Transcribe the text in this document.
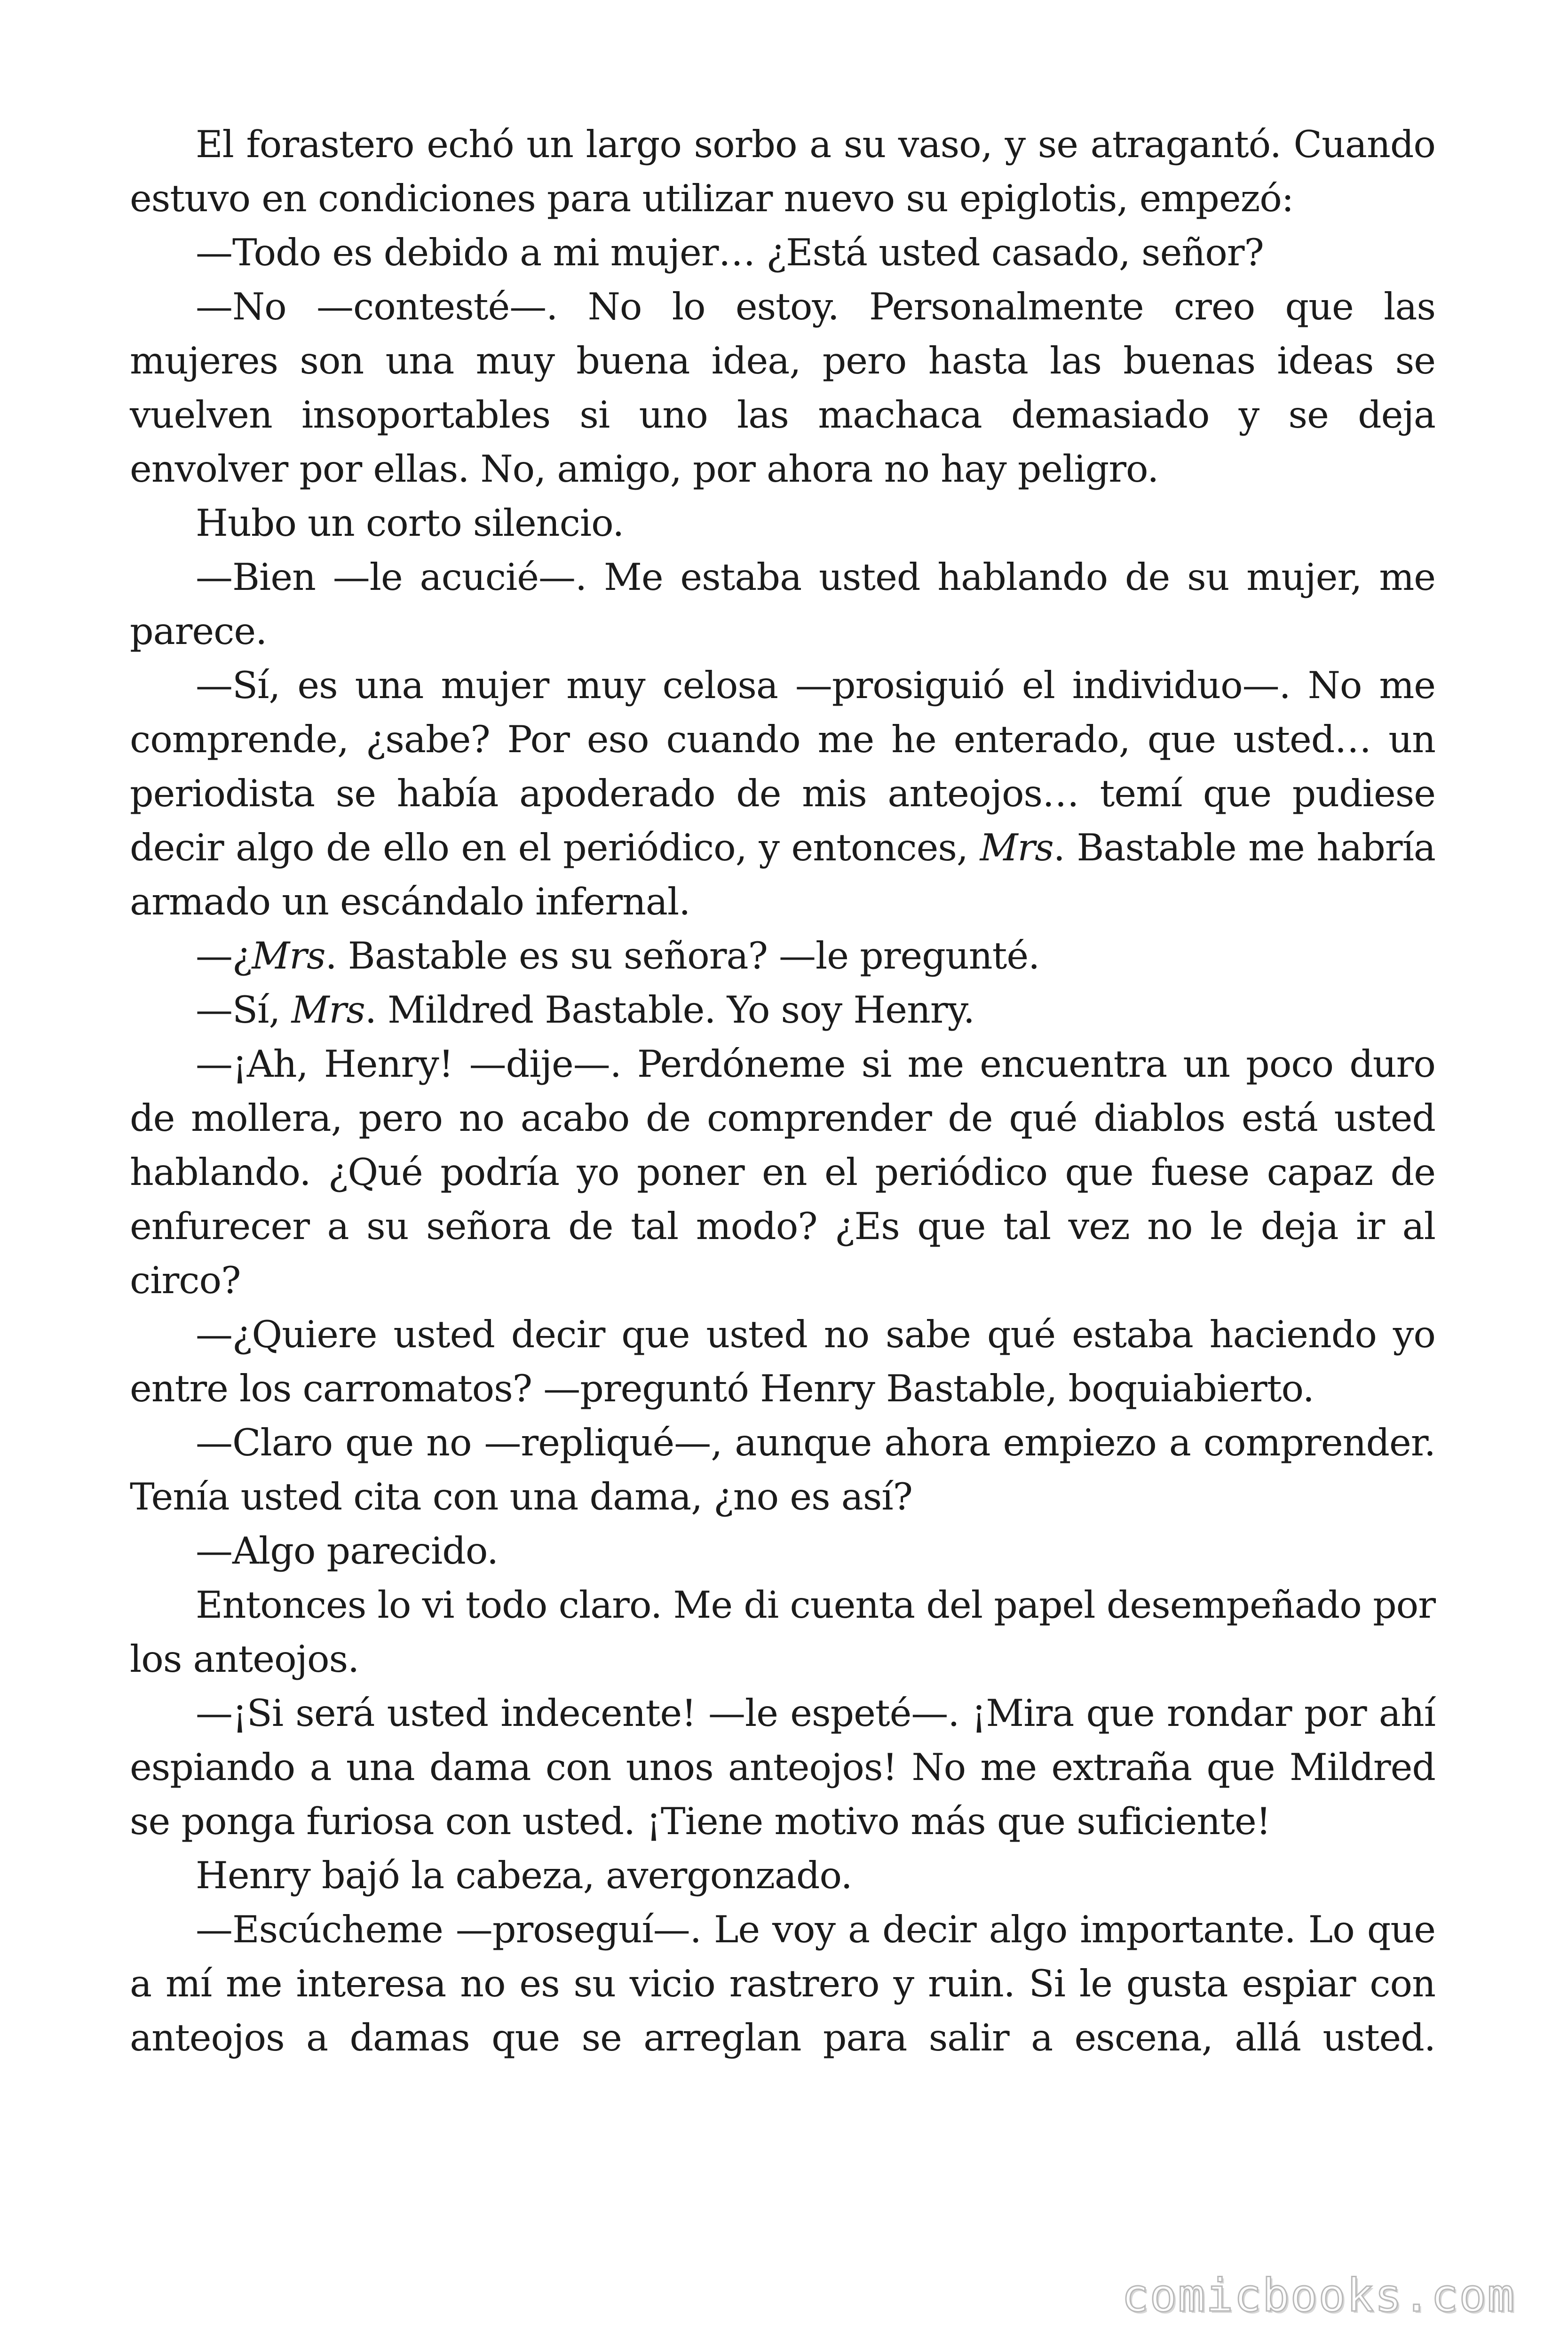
El forastero echó un largo sorbo a su vaso, y se atragantó. Cuando estuvo en condiciones para utilizar nuevo su epiglotis, empezó:

—Todo es debido a mi mujer… ¿Está usted casado, señor?

—No —contesté—. No lo estoy. Personalmente creo que las mujeres son una muy buena idea, pero hasta las buenas ideas se vuelven insoportables si uno las machaca demasiado y se deja envolver por ellas. No, amigo, por ahora no hay peligro.

Hubo un corto silencio.

—Bien —le acucié—. Me estaba usted hablando de su mujer, me parece.

—Sí, es una mujer muy celosa —prosiguió el individuo—. No me comprende, ¿sabe? Por eso cuando me he enterado, que usted… un periodista se había apoderado de mis anteojos… temí que pudiese decir algo de ello en el periódico, y entonces, Mrs. Bastable me habría armado un escándalo infernal.

—¿Mrs. Bastable es su señora? —le pregunté.

—Sí, Mrs. Mildred Bastable. Yo soy Henry.

—¡Ah, Henry! —dije—. Perdóneme si me encuentra un poco duro de mollera, pero no acabo de comprender de qué diablos está usted hablando. ¿Qué podría yo poner en el periódico que fuese capaz de enfurecer a su señora de tal modo? ¿Es que tal vez no le deja ir al circo?

—¿Quiere usted decir que usted no sabe qué estaba haciendo yo entre los carromatos? —preguntó Henry Bastable, boquiabierto.

—Claro que no —repliqué—, aunque ahora empiezo a comprender. Tenía usted cita con una dama, ¿no es así?

—Algo parecido.

Entonces lo vi todo claro. Me di cuenta del papel desempeñado por los anteojos.

—¡Si será usted indecente! —le espeté—. ¡Mira que rondar por ahí espiando a una dama con unos anteojos! No me extraña que Mildred se ponga furiosa con usted. ¡Tiene motivo más que suficiente!

Henry bajó la cabeza, avergonzado.

—Escúcheme —proseguí—. Le voy a decir algo importante. Lo que a mí me interesa no es su vicio rastrero y ruin. Si le gusta espiar con anteojos a damas que se arreglan para salir a escena, allá usted.

comicbooks.com
